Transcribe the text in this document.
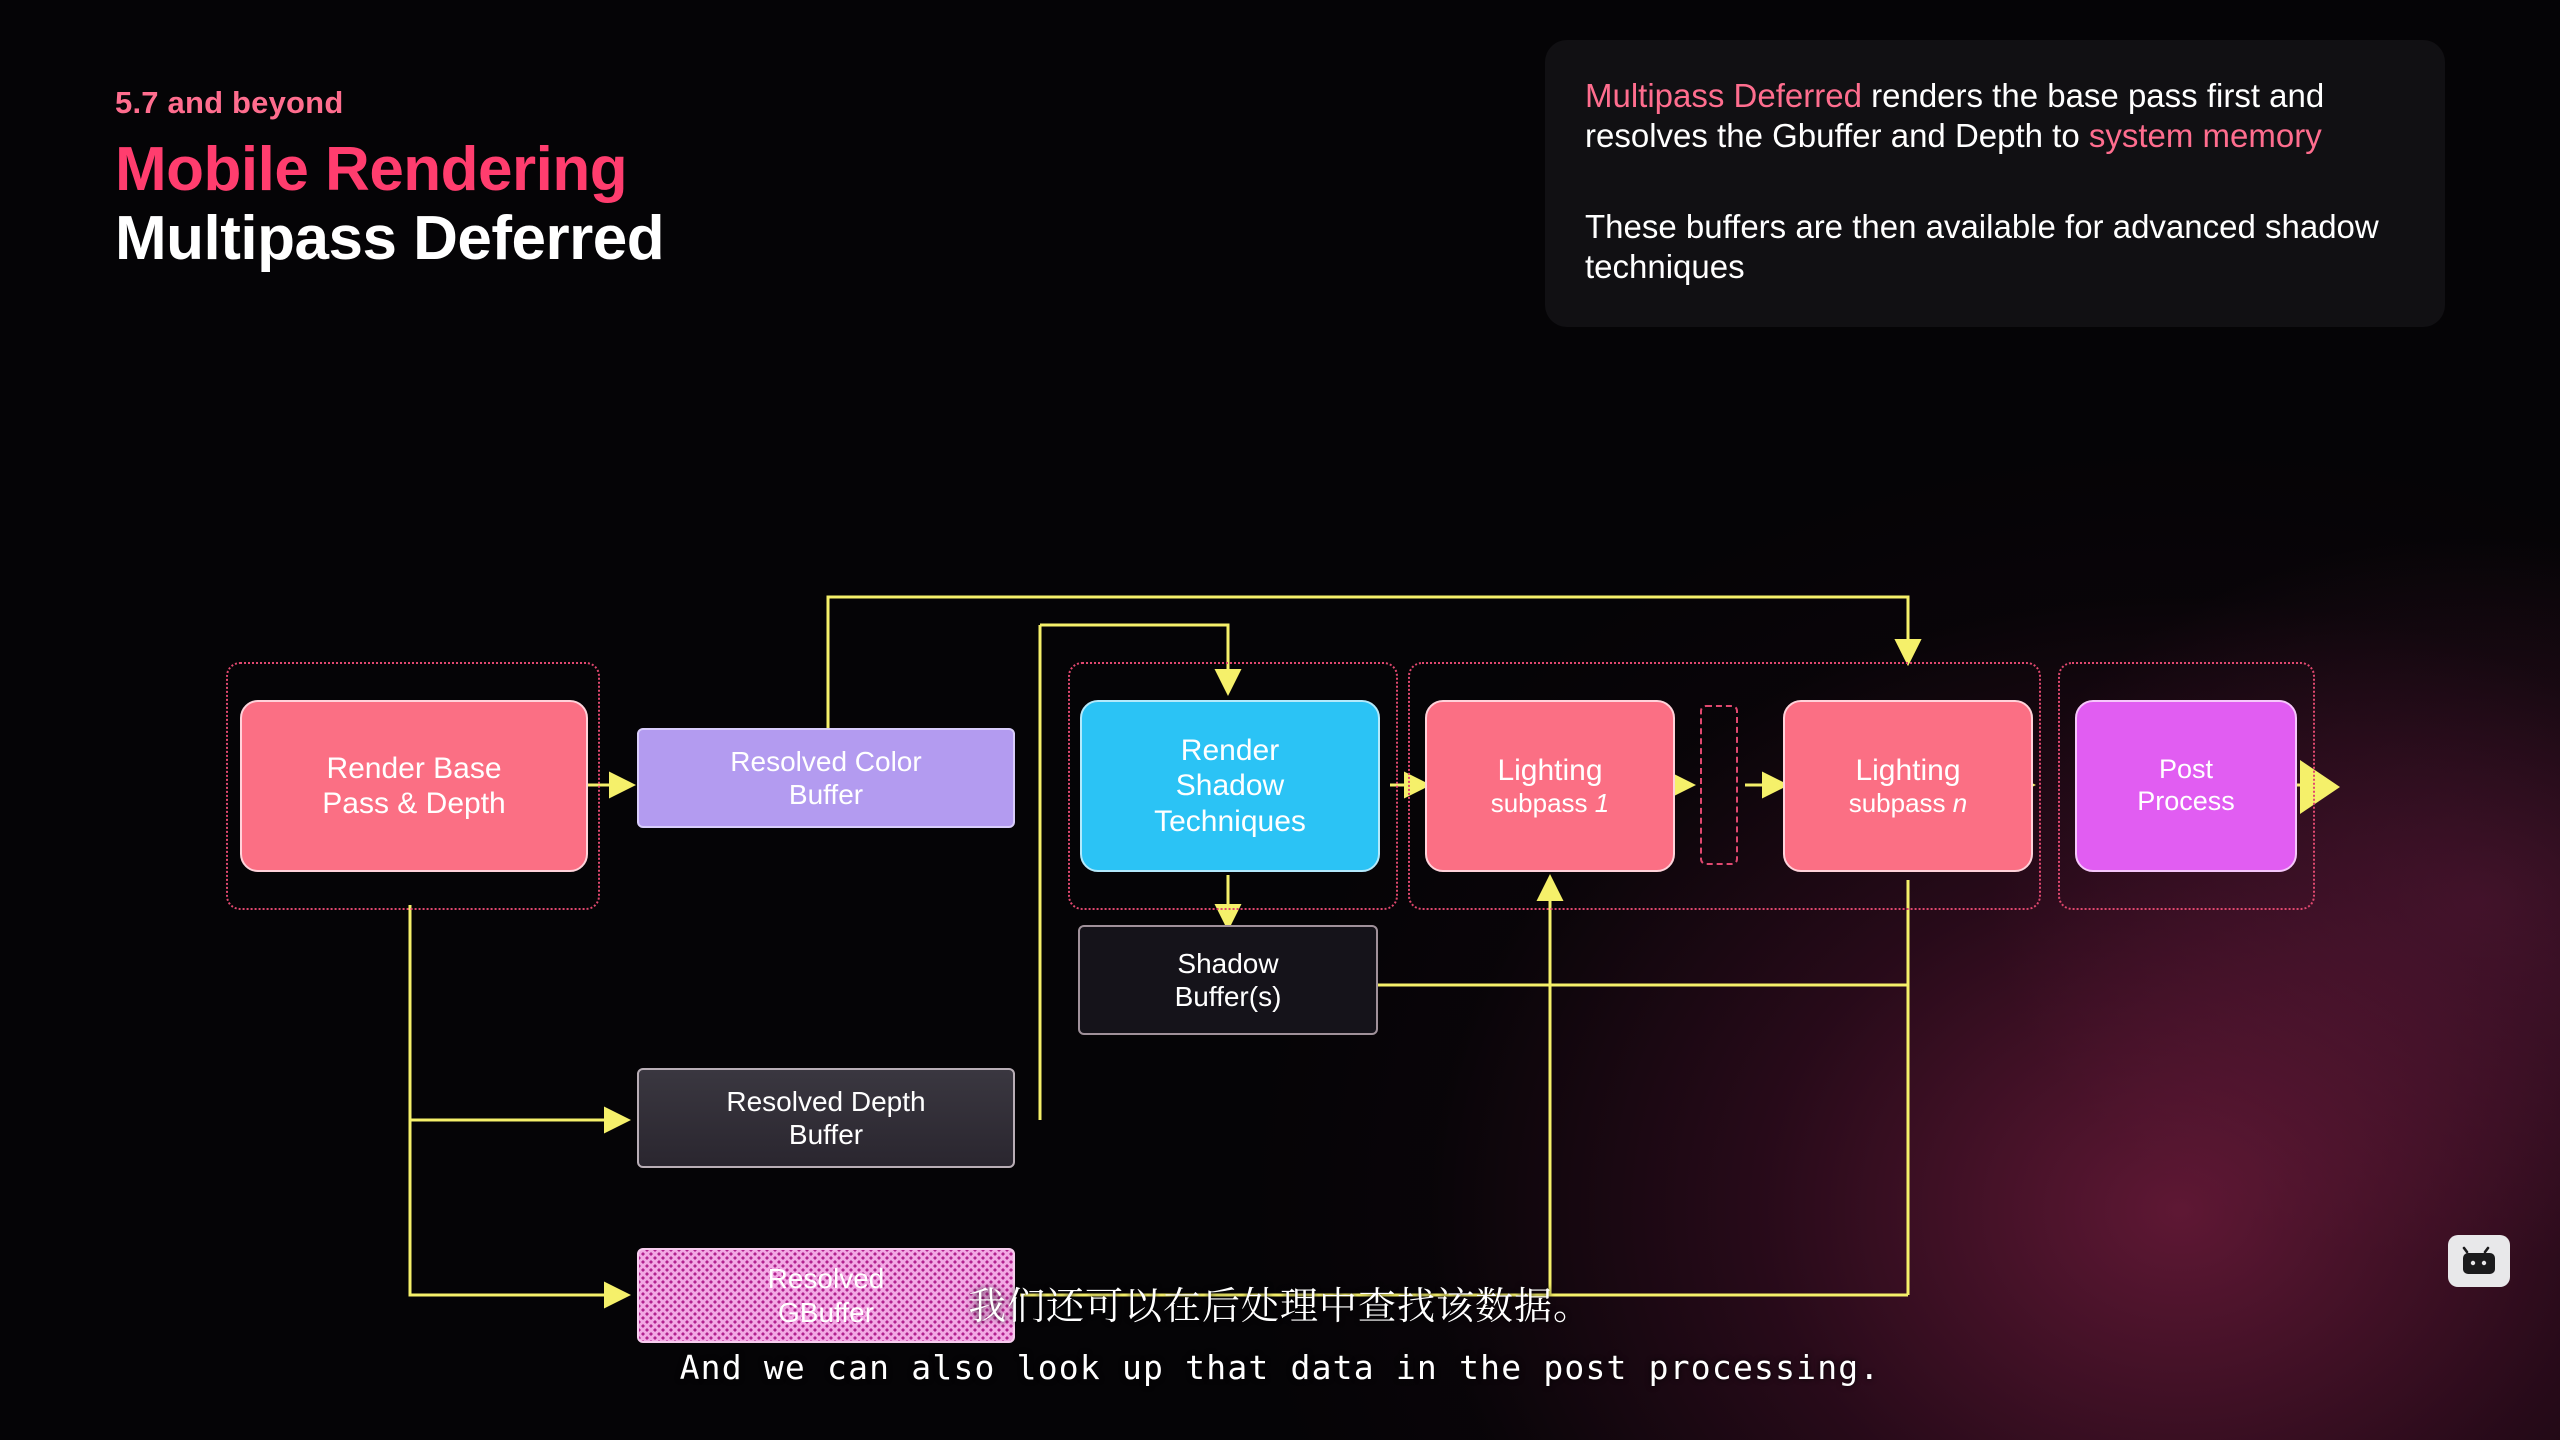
5.7 and beyond

Mobile Rendering
Multipass Deferred

Multipass Deferred renders the base pass first and resolves the Gbuffer and Depth to system memory

These buffers are then available for advanced shadow techniques

Render Base
Pass & Depth
Resolved Color
Buffer
Render
Shadow
Techniques
Lighting
subpass 1
Lighting
subpass n
Post
Process
Shadow
Buffer(s)
Resolved Depth
Buffer
Resolved
GBuffer	我们还可以在后处理中查找该数据。

And we can also look up that data in the post processing.
